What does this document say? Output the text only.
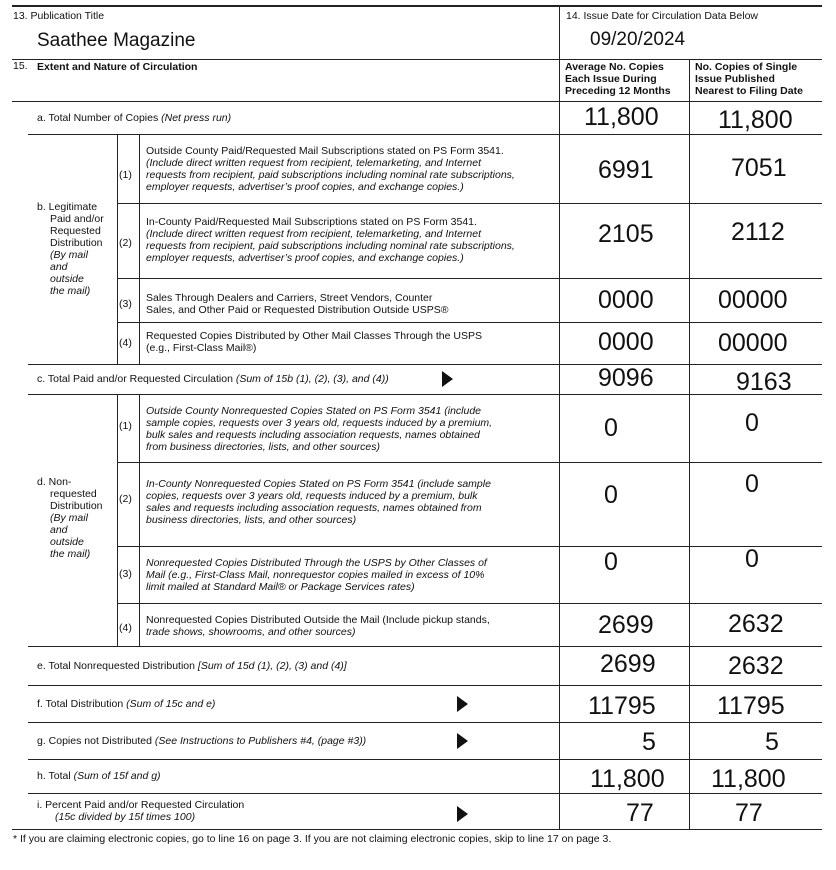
13. Publication Title
Saathee Magazine
14. Issue Date for Circulation Data Below
09/20/2024
15. Extent and Nature of Circulation	Average No. Copies
Each Issue During
Preceding 12 Months
No. Copies of Single
Issue Published
Nearest to Filing Date
a. Total Number of Copies (Net press run)	11,800 11,800
b. Legitimate
Paid and/or
Requested
Distribution
(By mail
and
outside
the mail)
(1)
Outside County Paid/Requested Mail Subscriptions stated on PS Form 3541.
(Include direct written request from recipient, telemarketing, and Internet
requests from recipient, paid subscriptions including nominal rate subscriptions,
employer requests, advertiser’s proof copies, and exchange copies.)
6991	7051
(2)
In-County Paid/Requested Mail Subscriptions stated on PS Form 3541.
(Include direct written request from recipient, telemarketing, and Internet
requests from recipient, paid subscriptions including nominal rate subscriptions,
employer requests, advertiser’s proof copies, and exchange copies.)
2105	2112
(3) Sales Through Dealers and Carriers, Street Vendors, Counter
Sales, and Other Paid or Requested Distribution Outside USPS®	0000	00000
(4)
Requested Copies Distributed by Other Mail Classes Through the USPS
(e.g., First-Class Mail®)	0000	00000
c. Total Paid and/or Requested Circulation (Sum of 15b (1), (2), (3), and (4))	9096	9163
d. Non-
requested
Distribution
(By mail
and
outside
the mail)
(1)
Outside County Nonrequested Copies Stated on PS Form 3541 (include
sample copies, requests over 3 years old, requests induced by a premium,
bulk sales and requests including association requests, names obtained
from business directories, lists, and other sources)
0	0
(2)
In-County Nonrequested Copies Stated on PS Form 3541 (include sample
copies, requests over 3 years old, requests induced by a premium, bulk
sales and requests including association requests, names obtained from
business directories, lists, and other sources)
0	0
(3)
Nonrequested Copies Distributed Through the USPS by Other Classes of
Mail (e.g., First-Class Mail, nonrequestor copies mailed in excess of 10%
limit mailed at Standard Mail® or Package Services rates)
0	0
(4)
Nonrequested Copies Distributed Outside the Mail (Include pickup stands,
trade shows, showrooms, and other sources)	2699	2632
e. Total Nonrequested Distribution [Sum of 15d (1), (2), (3) and (4)]	2699	2632
f. Total Distribution (Sum of 15c and e)	11795 11795
g. Copies not Distributed (See Instructions to Publishers #4, (page #3))	5	5
h. Total (Sum of 15f and g)	11,800 11,800
i. Percent Paid and/or Requested Circulation
(15c divided by 15f times 100)	77	77
* If you are claiming electronic copies, go to line 16 on page 3. If you are not claiming electronic copies, skip to line 17 on page 3.
